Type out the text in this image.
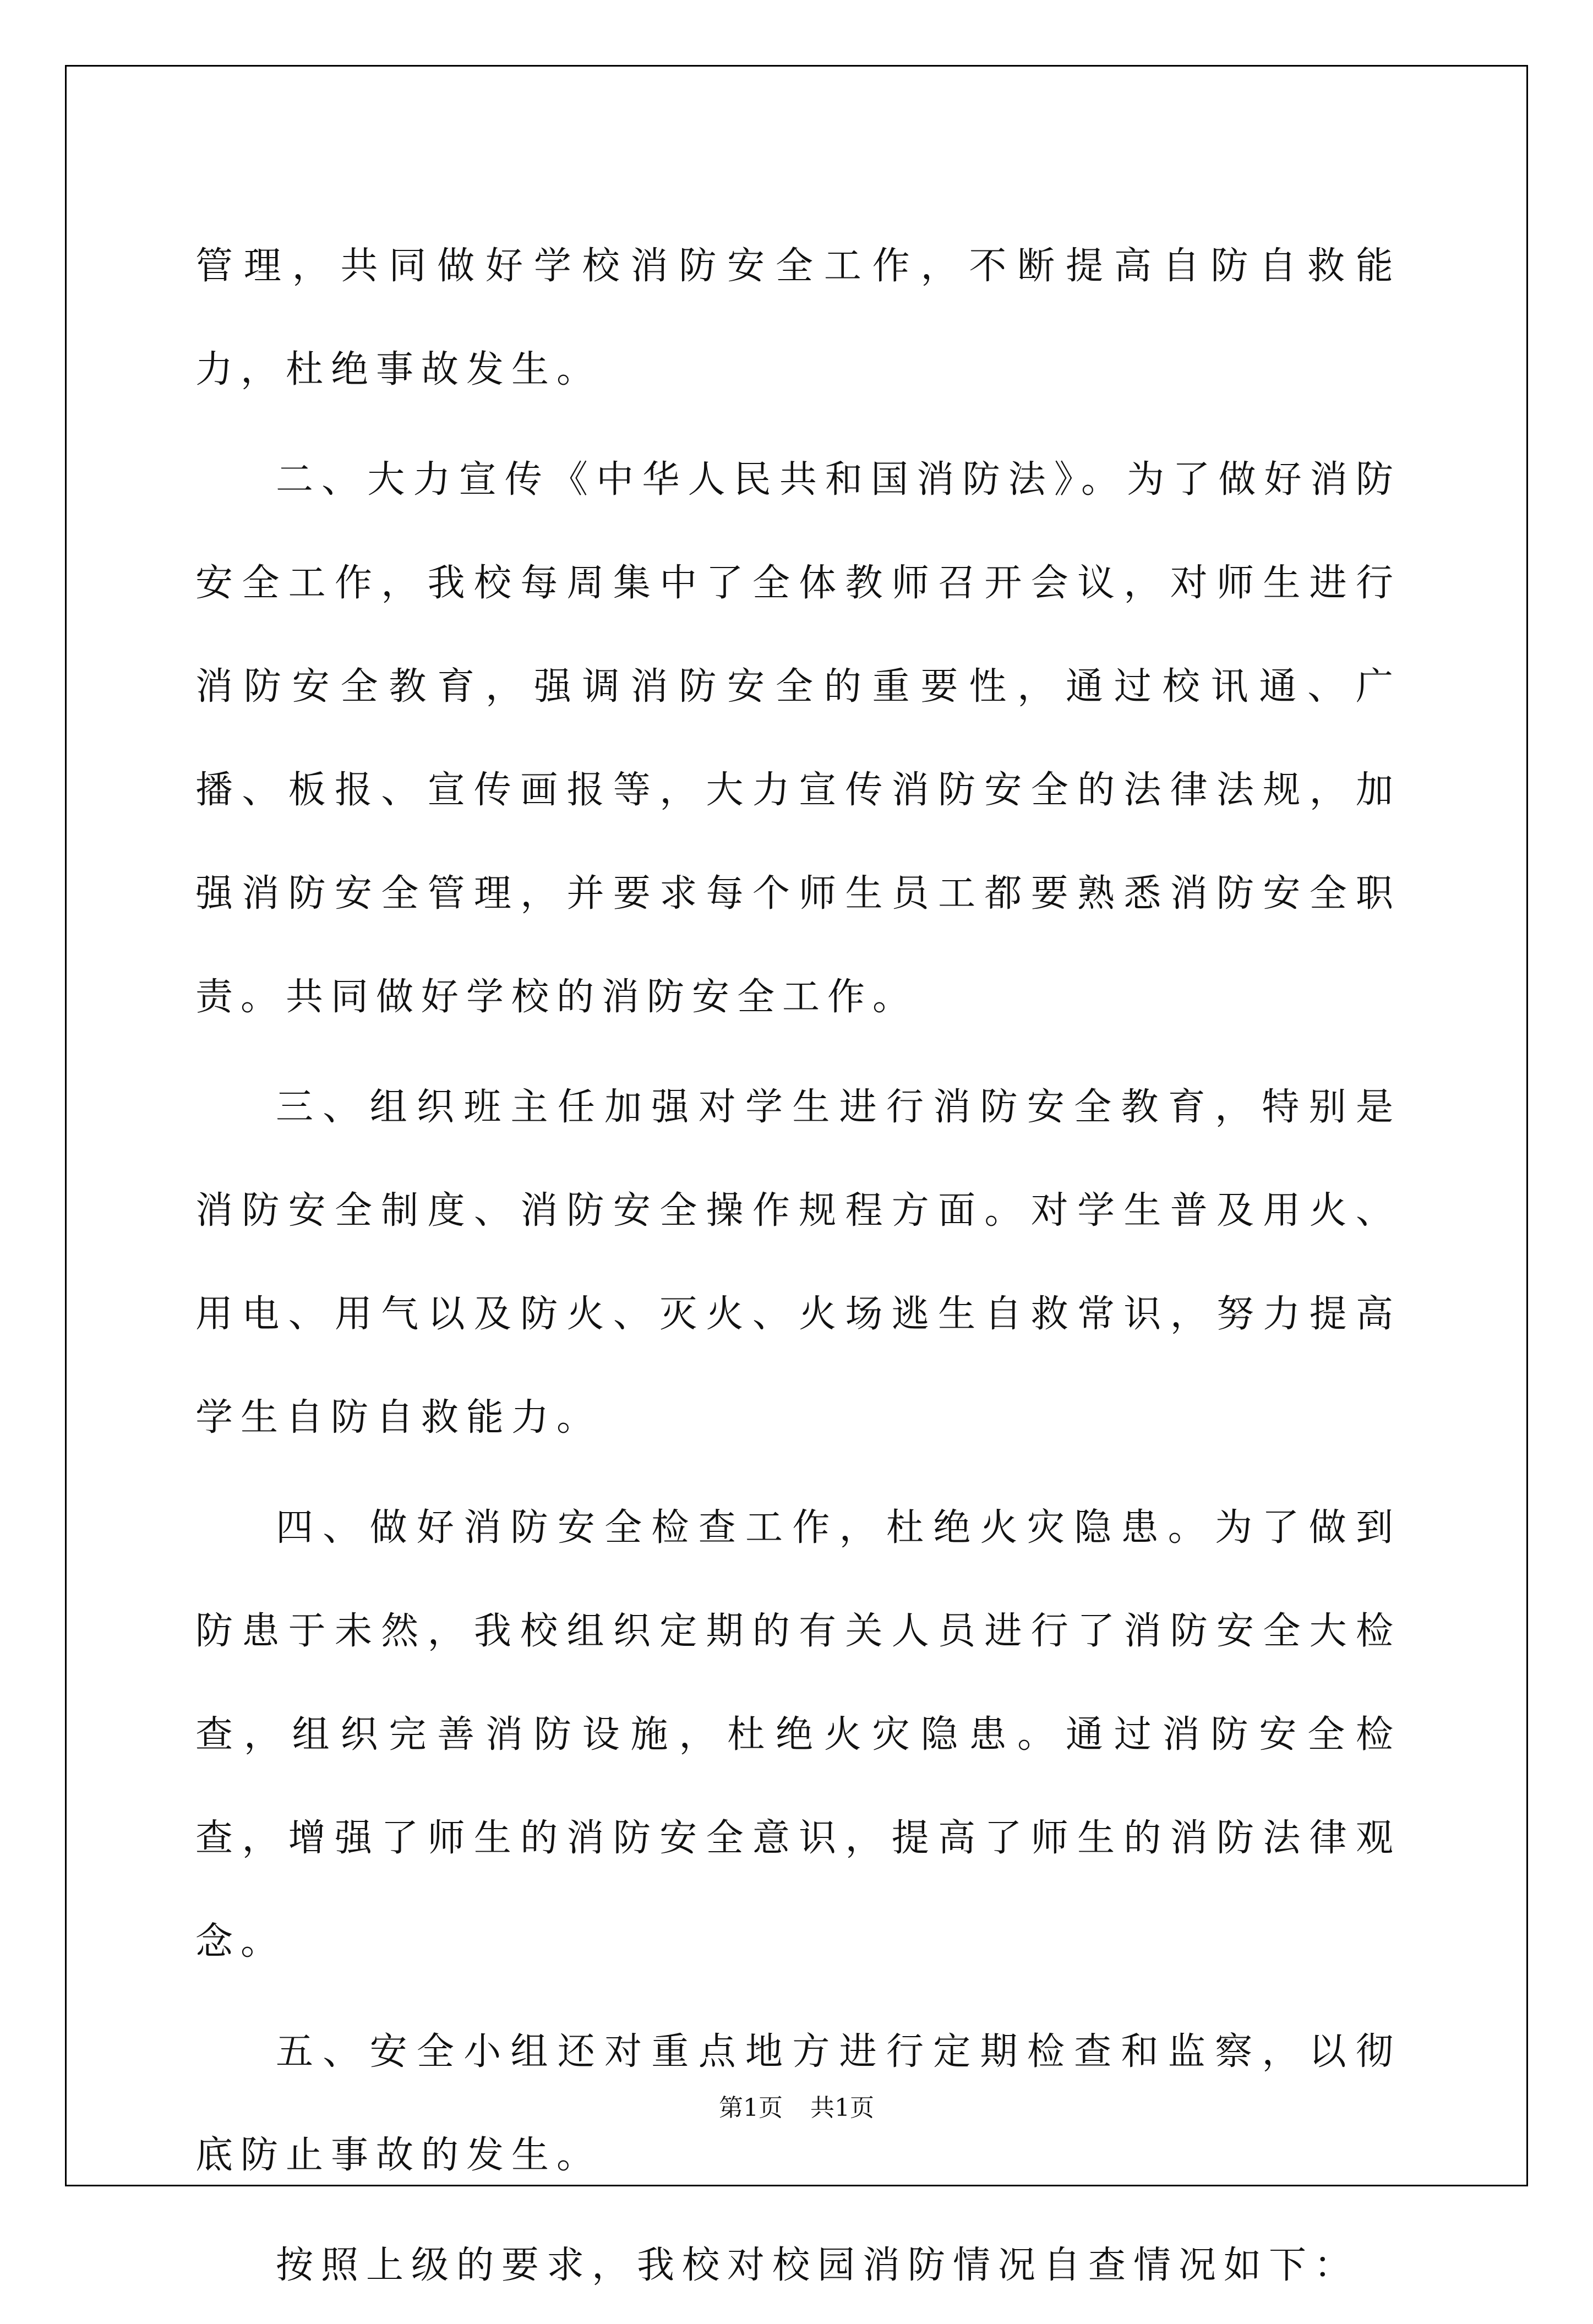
管理，共同做好学校消防安全工作，不断提高自防自救能力，杜绝事故发生。

二、大力宣传《中华人民共和国消防法》。为了做好消防安全工作，我校每周集中了全体教师召开会议，对师生进行消防安全教育，强调消防安全的重要性，通过校讯通、广播、板报、宣传画报等，大力宣传消防安全的法律法规，加强消防安全管理，并要求每个师生员工都要熟悉消防安全职责。共同做好学校的消防安全工作。

三、组织班主任加强对学生进行消防安全教育，特别是消防安全制度、消防安全操作规程方面。对学生普及用火、用电、用气以及防火、灭火、火场逃生自救常识，努力提高学生自防自救能力。

四、做好消防安全检查工作，杜绝火灾隐患。为了做到防患于未然，我校组织定期的有关人员进行了消防安全大检查，组织完善消防设施，杜绝火灾隐患。通过消防安全检查，增强了师生的消防安全意识，提高了师生的消防法律观念。

五、安全小组还对重点地方进行定期检查和监察，以彻底防止事故的发生。

按照上级的要求，我校对校园消防情况自查情况如下：

第1页 共1页
